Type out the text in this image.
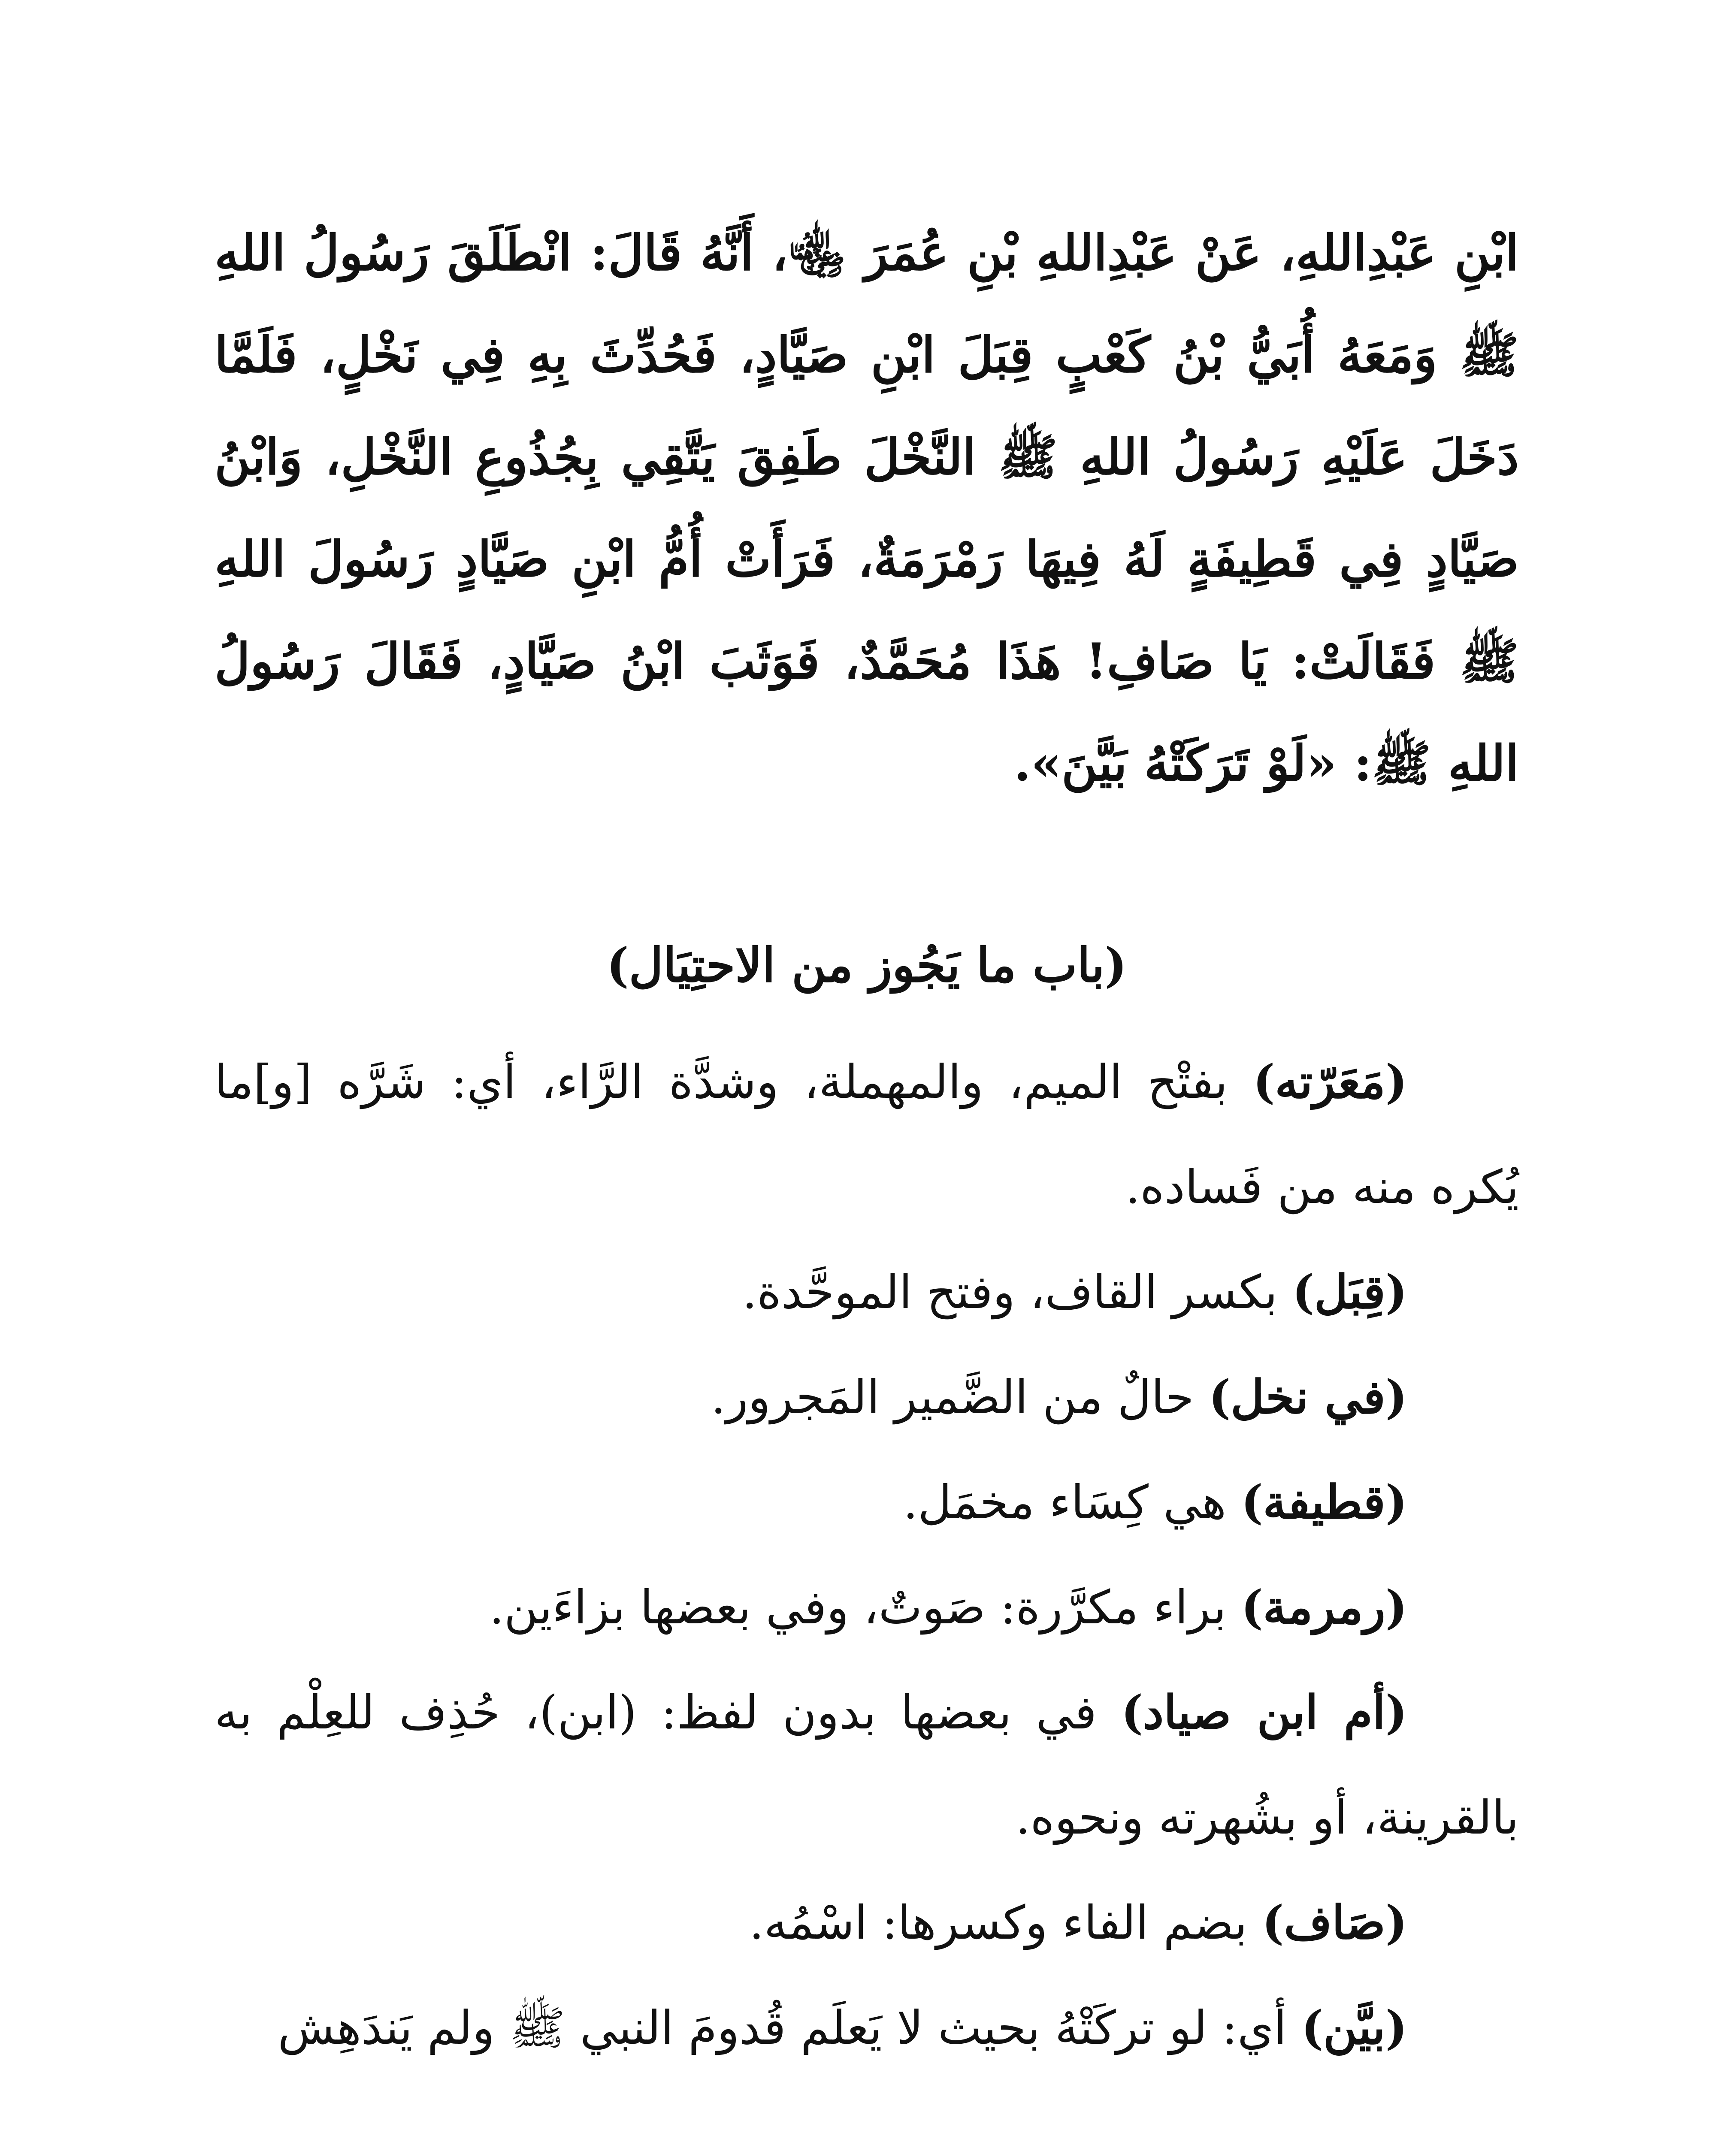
ابْنِ عَبْدِاللهِ، عَنْ عَبْدِاللهِ بْنِ عُمَرَ ﵄، أَنَّهُ قَالَ: انْطَلَقَ رَسُولُ اللهِ ﷺ وَمَعَهُ أُبَيُّ بْنُ كَعْبٍ قِبَلَ ابْنِ صَيَّادٍ، فَحُدِّثَ بِهِ فِي نَخْلٍ، فَلَمَّا دَخَلَ عَلَيْهِ رَسُولُ اللهِ ﷺ النَّخْلَ طَفِقَ يَتَّقِي بِجُذُوعِ النَّخْلِ، وَابْنُ صَيَّادٍ فِي قَطِيفَةٍ لَهُ فِيهَا رَمْرَمَةٌ، فَرَأَتْ أُمُّ ابْنِ صَيَّادٍ رَسُولَ اللهِ ﷺ فَقَالَتْ: يَا صَافِ! هَذَا مُحَمَّدٌ، فَوَثَبَ ابْنُ صَيَّادٍ، فَقَالَ رَسُولُ اللهِ ﷺ: «لَوْ تَرَكَتْهُ بَيَّنَ».

(باب ما يَجُوز من الاحتِيَال)

(مَعَرّته) بفتْح الميم، والمهملة، وشدَّة الرَّاء، أي: شَرَّه [و]ما يُكره منه من فَساده.

(قِبَل) بكسر القاف، وفتح الموحَّدة.

(في نخل) حالٌ من الضَّمير المَجرور.

(قطيفة) هي كِسَاء مخمَل.

(رمرمة) براء مكرَّرة: صَوتٌ، وفي بعضها بزاءَين.

(أم ابن صياد) في بعضها بدون لفظ: (ابن)، حُذِف للعِلْم به بالقرينة، أو بشُهرته ونحوه.

(صَاف) بضم الفاء وكسرها: اسْمُه.

(بيَّن) أي: لو تركَتْهُ بحيث لا يَعلَم قُدومَ النبي ﷺ ولم يَندَهِش
